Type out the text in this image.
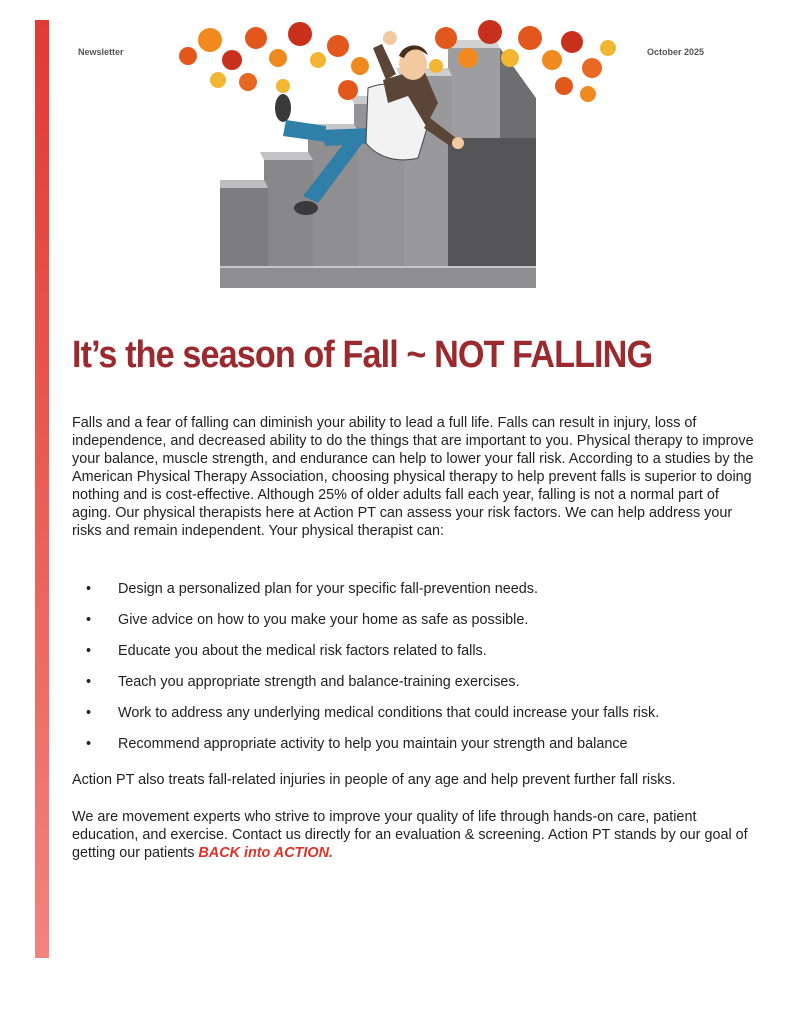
Newsletter	October 2025
It’s the season of Fall ~ NOT FALLING

Falls and a fear of falling can diminish your ability to lead a full life. Falls can result in injury, loss of independence, and decreased ability to do the things that are important to you. Physical therapy to improve your balance, muscle strength, and endurance can help to lower your fall risk. According to a studies by the American Physical Therapy Association, choosing physical therapy to help prevent falls is superior to doing nothing and is cost-effective. Although 25% of older adults fall each year, falling is not a normal part of aging. Our physical therapists here at Action PT can assess your risk factors. We can help address your risks and remain independent. Your physical therapist can:

• Design a personalized plan for your specific fall-prevention needs.
• Give advice on how to you make your home as safe as possible.
• Educate you about the medical risk factors related to falls.
• Teach you appropriate strength and balance-training exercises.
• Work to address any underlying medical conditions that could increase your falls risk.
• Recommend appropriate activity to help you maintain your strength and balance

Action PT also treats fall-related injuries in people of any age and help prevent further fall risks.

We are movement experts who strive to improve your quality of life through hands-on care, patient education, and exercise. Contact us directly for an evaluation & screening. Action PT stands by our goal of getting our patients BACK into ACTION.
